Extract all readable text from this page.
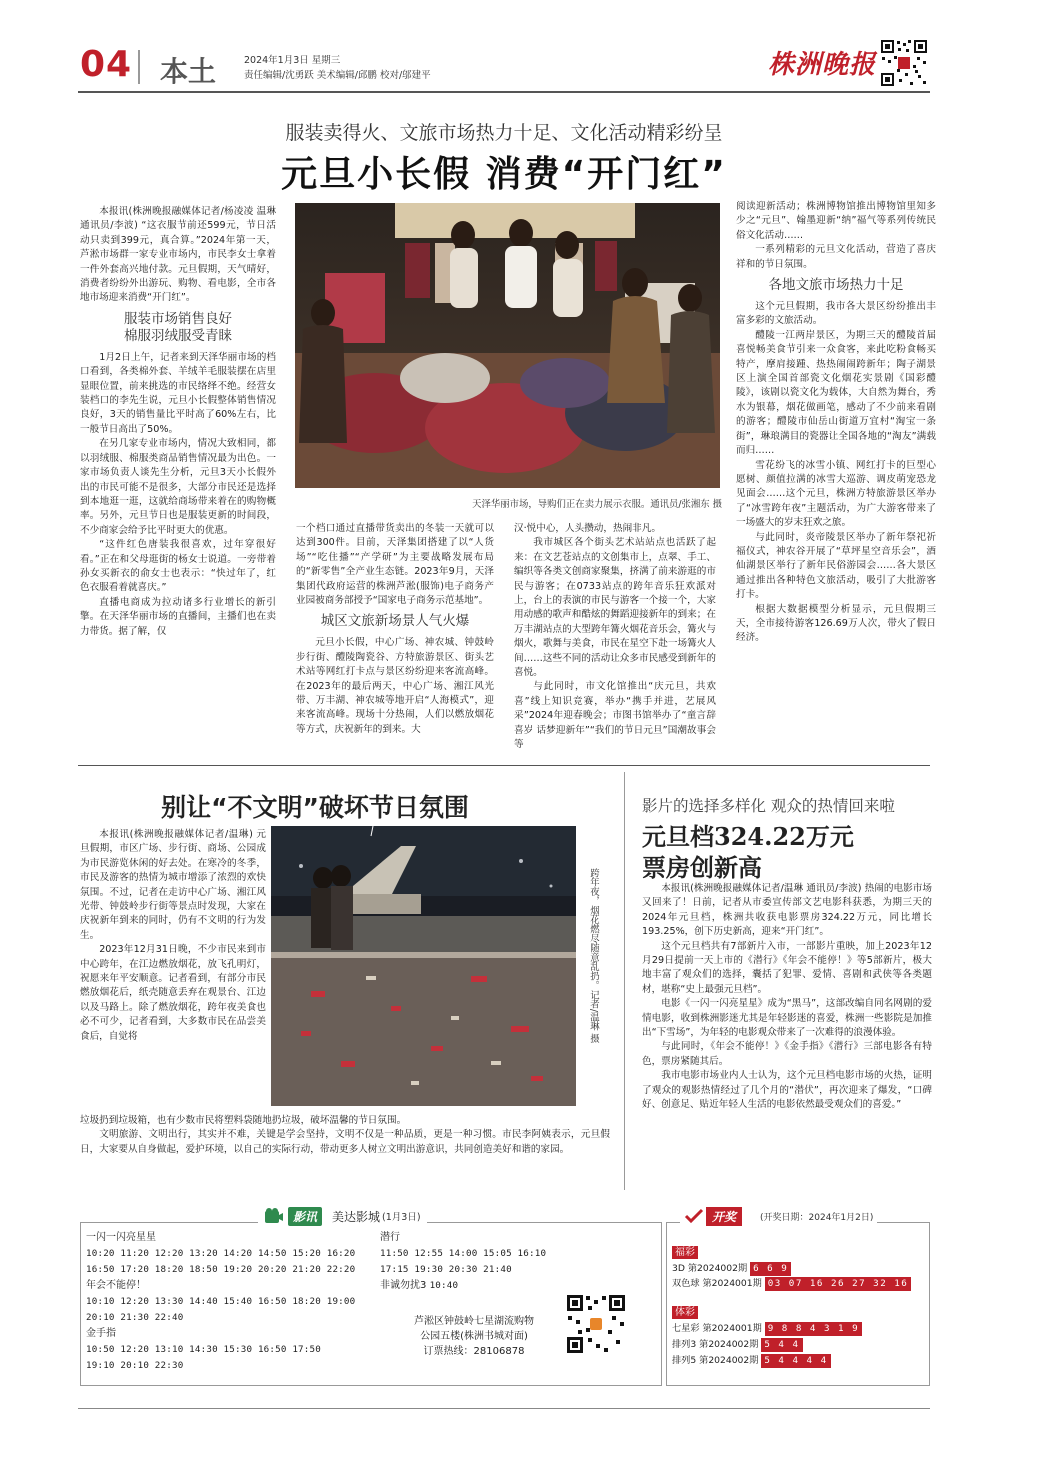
04 本土	2024年1月3日 星期三
责任编辑/沈勇跃 美术编辑/邱鹏 校对/邬建平	株洲晚报
服装卖得火、文旅市场热力十足、文化活动精彩纷呈
元旦小长假 消费“开门红”
天泽华丽市场，导购们正在卖力展示衣服。通讯员/张湘东 摄

本报讯(株洲晚报融媒体记者/杨凌凌 温琳 通讯员/李波) “这衣服节前还599元，节日活动只卖到399元，真合算。”2024年第一天，芦淞市场群一家专业市场内，市民李女士拿着一件外套高兴地付款。元旦假期，天气晴好，消费者纷纷外出游玩、购物、看电影，全市各地市场迎来消费“开门红”。

服装市场销售良好
棉服羽绒服受青睐

1月2日上午，记者来到天泽华丽市场的档口看到，各类棉外套、羊绒羊毛服装摆在店里显眼位置，前来挑选的市民络绎不绝。经营女装档口的李先生说，元旦小长假整体销售情况良好，3天的销售量比平时高了60%左右，比一般节日高出了50%。

在另几家专业市场内，情况大致相同，都以羽绒服、棉服类商品销售情况最为出色。一家市场负责人谈先生分析，元旦3天小长假外出的市民可能不是很多，大部分市民还是选择到本地逛一逛，这就给商场带来着在的购物概率。另外，元旦节日也是服装更新的时间段，不少商家会给予比平时更大的优惠。

“这件红色唐装我很喜欢，过年穿很好看。”正在和父母逛街的杨女士说道。一旁带着孙女买新衣的俞女士也表示：“快过年了，红色衣服看着就喜庆。”

直播电商成为拉动诸多行业增长的新引擎。在天泽华丽市场的直播间，主播们也在卖力带货。据了解，仅

一个档口通过直播带货卖出的冬装一天就可以达到300件。目前，天泽集团搭建了以“人货场”“吃住播”“产学研”为主要战略发展布局的“新零售”全产业生态链。2023年9月，天泽集团代政府运营的株洲芦淞(服饰)电子商务产业园被商务部授予“国家电子商务示范基地”。

城区文旅新场景人气火爆

元旦小长假，中心广场、神农城、钟鼓岭步行街、醴陵陶瓷谷、方特旅游景区、街头艺术站等网红打卡点与景区纷纷迎来客流高峰。在2023年的最后两天，中心广场、湘江风光带、万丰湖、神农城等地开启“人海模式”，迎来客流高峰。现场十分热闹，人们以燃放烟花等方式，庆祝新年的到来。大

汉·悦中心，人头攒动，热闹非凡。

我市城区各个街头艺术站站点也活跃了起来：在文艺苍站点的文创集市上，点翠、手工、编织等各类文创商家聚集，挤满了前来游逛的市民与游客；在0733站点的跨年音乐狂欢派对上，台上的表演的市民与游客一个接一个，大家用动感的歌声和酷炫的舞蹈迎接新年的到来；在万丰湖站点的大型跨年篝火烟花音乐会，篝火与烟火，歌舞与美食，市民在星空下赴一场篝火人间……这些不同的活动让众多市民感受到新年的喜悦。

与此同时，市文化馆推出“庆元旦，共欢喜”线上知识竞赛，举办“携手并进，艺展风采”2024年迎春晚会；市图书馆举办了“童言辞喜岁 话梦迎新年”“我们的节日元旦”国潮故事会等

阅读迎新活动；株洲博物馆推出博物馆里知多少之“元旦”、翰墨迎新“纳”福气等系列传统民俗文化活动……

一系列精彩的元旦文化活动，营造了喜庆祥和的节日氛围。

各地文旅市场热力十足

这个元旦假期，我市各大景区纷纷推出丰富多彩的文旅活动。

醴陵一江两岸景区，为期三天的醴陵首届喜悦畅美食节引来一众食客，来此吃粉食畅买特产，摩肩接踵、热热闹闹跨新年；陶子湖景区上演全国首部瓷文化烟花实景剧《国彩醴陵》，该剧以瓷文化为载体，大自然为舞台，秀水为银幕，烟花做画笔，感动了不少前来看剧的游客；醴陵市仙岳山街道万宜村“淘宝一条街”，琳琅满目的瓷器让全国各地的“淘友”满载而归……

雪花纷飞的冰雪小镇、网红打卡的巨型心愿树、颜值拉满的冰雪大巡游、调皮萌宠恐龙见面会……这个元旦，株洲方特旅游景区举办了“冰雪跨年夜”主题活动，为广大游客带来了一场盛大的岁末狂欢之旅。

与此同时，炎帝陵景区举办了新年祭祀祈福仪式，神农谷开展了“草坪星空音乐会”，酒仙湖景区举行了新年民俗游园会……各大景区通过推出各种特色文旅活动，吸引了大批游客打卡。

根据大数据模型分析显示，元旦假期三天，全市接待游客126.69万人次，带火了假日经济。

别让“不文明”破坏节日氛围

本报讯(株洲晚报融媒体记者/温琳) 元旦假期，市区广场、步行街、商场、公园成为市民游览休闲的好去处。在寒冷的冬季，市民及游客的热情为城市增添了浓烈的欢快氛围。不过，记者在走访中心广场、湘江风光带、钟鼓岭步行街等景点时发现，大家在庆祝新年到来的同时，仍有不文明的行为发生。

2023年12月31日晚，不少市民来到市中心跨年，在江边燃放烟花，放飞孔明灯，祝愿来年平安顺意。记者看到，有部分市民燃放烟花后，纸壳随意丢弃在观景台、江边以及马路上。除了燃放烟花，跨年夜美食也必不可少，记者看到，大多数市民在品尝美食后，自觉将	跨年夜，烟花燃尽随意乱扔。记者/温琳 摄

垃圾扔到垃圾箱，也有少数市民将塑料袋随地扔垃圾，破坏温馨的节日氛围。

文明旅游、文明出行，其实并不难，关键是学会坚持，文明不仅是一种品质，更是一种习惯。市民李阿姨表示，元旦假日，大家要从自身做起，爱护环境，以自己的实际行动，带动更多人树立文明出游意识，共同创造美好和谐的家园。

影片的选择多样化 观众的热情回来啦
元旦档324.22万元
票房创新高

本报讯(株洲晚报融媒体记者/温琳 通讯员/李波) 热闹的电影市场又回来了！日前，记者从市委宣传部文艺电影科获悉，为期三天的2024年元旦档，株洲共收获电影票房324.22万元，同比增长193.25%，创下历史新高，迎来“开门红”。

这个元旦档共有7部新片入市，一部影片重映，加上2023年12月29日提前一天上市的《潜行》《年会不能停！》等5部新片，极大地丰富了观众们的选择，囊括了犯罪、爱情、喜剧和武侠等各类题材，堪称“史上最强元旦档”。

电影《一闪一闪亮星星》成为“黑马”，这部改编自同名网剧的爱情电影，收到株洲影迷尤其是年轻影迷的喜爱，株洲一些影院是加推出“下雪场”，为年轻的电影观众带来了一次难得的浪漫体验。

与此同时，《年会不能停！》《金手指》《潜行》三部电影各有特色，票房紧随其后。

我市电影市场业内人士认为，这个元旦档电影市场的火热，证明了观众的观影热情经过了几个月的“潜伏”，再次迎来了爆发，“口碑好、创意足、贴近年轻人生活的电影依然最受观众们的喜爱。”

影讯	美达影城 (1月3日)
一闪一闪亮星星
10:20 11:20 12:20 13:20 14:20 14:50 15:20 16:20
16:50 17:20 18:20 18:50 19:20 20:20 21:20 22:20
年会不能停！
10:10 12:20 13:30 14:40 15:40 16:50 18:20 19:00
20:10 21:30 22:40
金手指
10:50 12:20 13:10 14:30 15:30 16:50 17:50
19:10 20:10 22:30
潜行
11:50 12:55 14:00 15:05 16:10
17:15 19:30 20:30 21:40
非诚勿扰3 10:40
芦淞区钟鼓岭七星湖流购物
公园五楼(株洲书城对面)
订票热线：28106878
开奖	(开奖日期：2024年1月2日)
福彩
3D 第2024002期 6 6 9
双色球 第2024001期 03 07 16 26 27 32 16
体彩
七星彩 第2024001期 9 8 8 4 3 1 9
排列3 第2024002期 5 4 4
排列5 第2024002期 5 4 4 4 4
